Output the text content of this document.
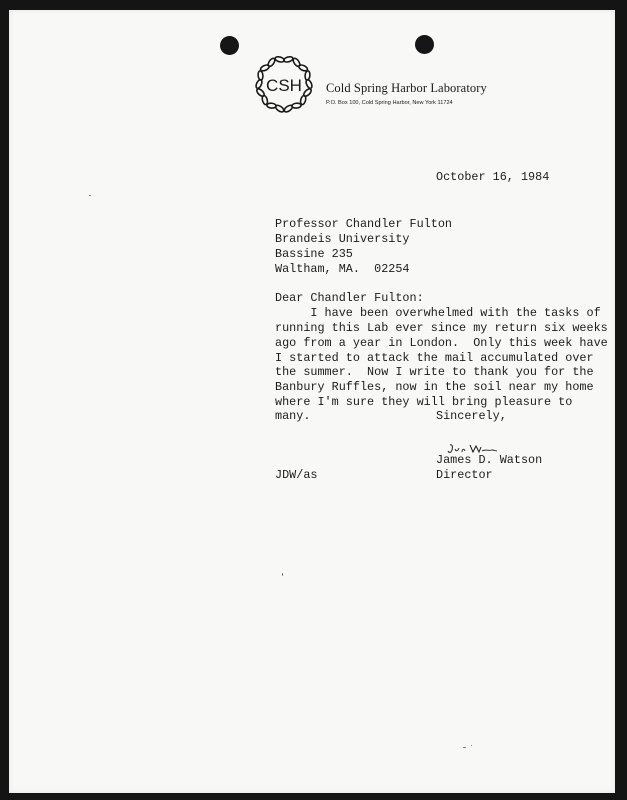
CSH Cold Spring Harbor Laboratory
P.O. Box 100, Cold Spring Harbor, New York 11724
October 16, 1984
Professor Chandler Fulton
Brandeis University
Bassine 235
Waltham, MA.  02254
Dear Chandler Fulton:
I have been overwhelmed with the tasks of
running this Lab ever since my return six weeks
ago from a year in London.  Only this week have
I started to attack the mail accumulated over
the summer.  Now I write to thank you for the
Banbury Ruffles, now in the soil near my home
where I'm sure they will bring pleasure to
many.	Sincerely,
James D. Watson
Director
JDW/as
